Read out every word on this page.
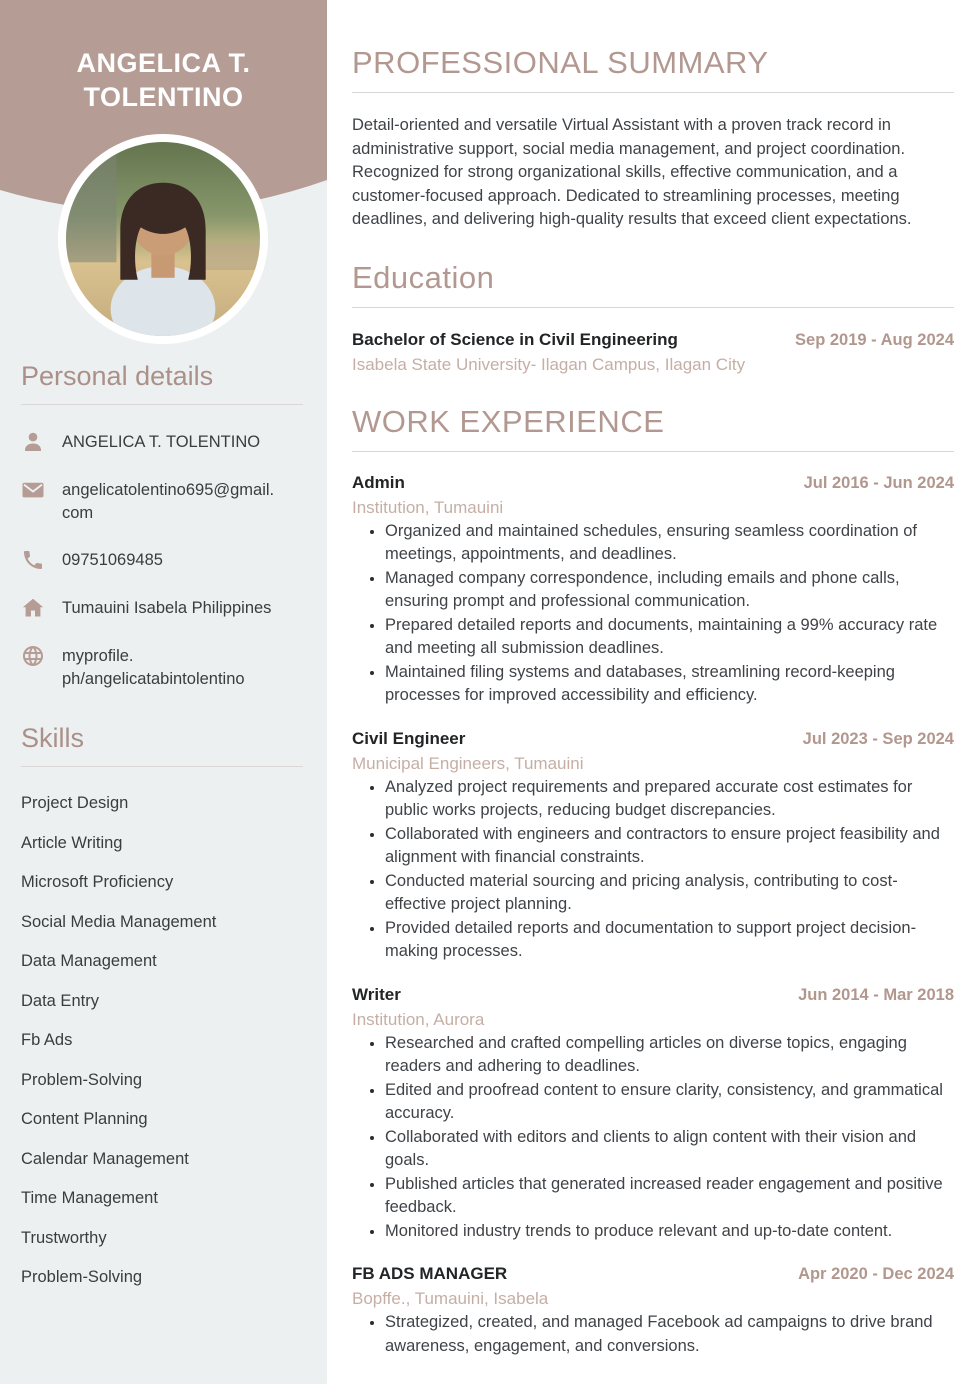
ANGELICA T. TOLENTINO
Personal details
ANGELICA T. TOLENTINO
angelicatolentino695@gmail.
com
09751069485
Tumauini Isabela Philippines
myprofile.
ph/angelicatabintolentino
Skills
Project Design
Article Writing
Microsoft Proficiency
Social Media Management
Data Management
Data Entry
Fb Ads
Problem-Solving
Content Planning
Calendar Management
Time Management
Trustworthy
Problem-Solving
PROFESSIONAL SUMMARY

Detail-oriented and versatile Virtual Assistant with a proven track record in administrative support, social media management, and project coordination. Recognized for strong organizational skills, effective communication, and a customer-focused approach. Dedicated to streamlining processes, meeting deadlines, and delivering high-quality results that exceed client expectations.

Education
Bachelor of Science in Civil Engineering	Sep 2019 - Aug 2024
Isabela State University- Ilagan Campus, Ilagan City
WORK EXPERIENCE
Admin	Jul 2016 - Jun 2024
Institution, Tumauini
• Organized and maintained schedules, ensuring seamless coordination of meetings, appointments, and deadlines.
• Managed company correspondence, including emails and phone calls, ensuring prompt and professional communication.
• Prepared detailed reports and documents, maintaining a 99% accuracy rate and meeting all submission deadlines.
• Maintained filing systems and databases, streamlining record-keeping processes for improved accessibility and efficiency.
Civil Engineer	Jul 2023 - Sep 2024
Municipal Engineers, Tumauini
• Analyzed project requirements and prepared accurate cost estimates for public works projects, reducing budget discrepancies.
• Collaborated with engineers and contractors to ensure project feasibility and alignment with financial constraints.
• Conducted material sourcing and pricing analysis, contributing to cost-effective project planning.
• Provided detailed reports and documentation to support project decision-making processes.
Writer	Jun 2014 - Mar 2018
Institution, Aurora
• Researched and crafted compelling articles on diverse topics, engaging readers and adhering to deadlines.
• Edited and proofread content to ensure clarity, consistency, and grammatical accuracy.
• Collaborated with editors and clients to align content with their vision and goals.
• Published articles that generated increased reader engagement and positive feedback.
• Monitored industry trends to produce relevant and up-to-date content.
FB ADS MANAGER	Apr 2020 - Dec 2024
Bopffe., Tumauini, Isabela
• Strategized, created, and managed Facebook ad campaigns to drive brand awareness, engagement, and conversions.
